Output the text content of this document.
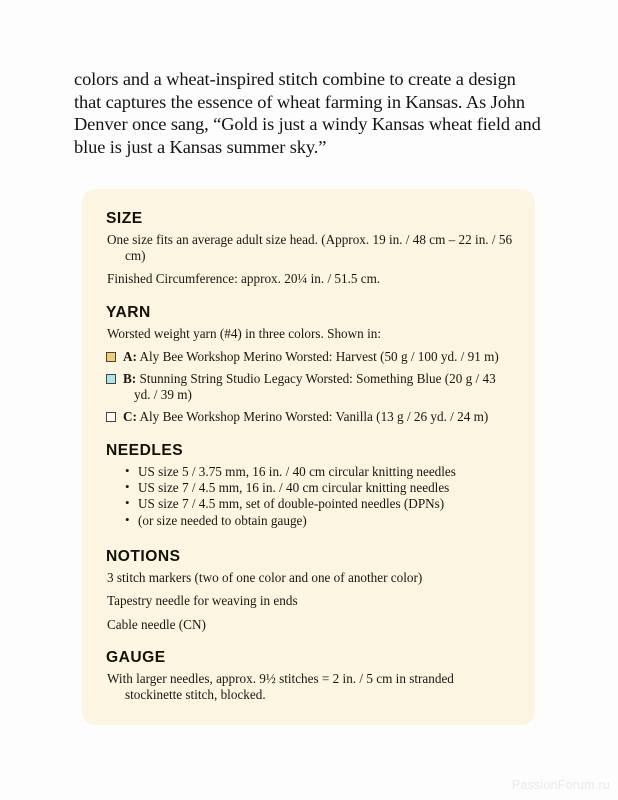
colors and a wheat-inspired stitch combine to create a design that captures the essence of wheat farming in Kansas. As John Denver once sang, “Gold is just a windy Kansas wheat field and blue is just a Kansas summer sky.”
SIZE

One size fits an average adult size head. (Approx. 19 in. / 48 cm – 22 in. / 56 cm)

Finished Circumference: approx. 20¼ in. / 51.5 cm.

YARN

Worsted weight yarn (#4) in three colors. Shown in:

A: Aly Bee Workshop Merino Worsted: Harvest (50 g / 100 yd. / 91 m)
B: Stunning String Studio Legacy Worsted: Something Blue (20 g / 43 yd. / 39 m)
C: Aly Bee Workshop Merino Worsted: Vanilla (13 g / 26 yd. / 24 m)
NEEDLES
• US size 5 / 3.75 mm, 16 in. / 40 cm circular knitting needles
• US size 7 / 4.5 mm, 16 in. / 40 cm circular knitting needles
• US size 7 / 4.5 mm, set of double-pointed needles (DPNs)
• (or size needed to obtain gauge)
NOTIONS

3 stitch markers (two of one color and one of another color)

Tapestry needle for weaving in ends

Cable needle (CN)

GAUGE

With larger needles, approx. 9½ stitches = 2 in. / 5 cm in stranded stockinette stitch, blocked.

PassionForum.ru
